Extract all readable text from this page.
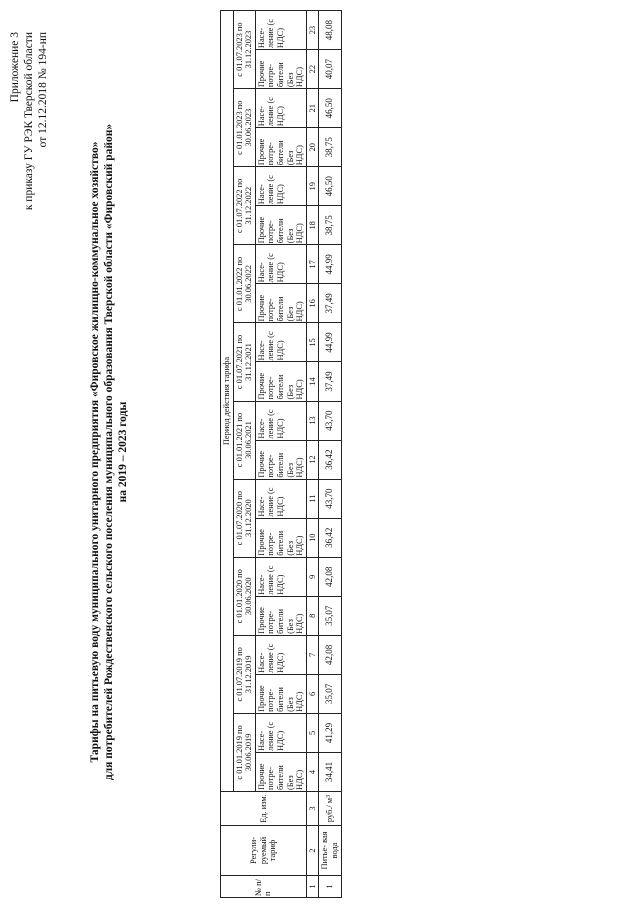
Приложение 3 к приказу ГУ РЭК Тверской области от 12.12.2018 № 194-нп
Тарифы на питьевую воду муниципального унитарного предприятия «Фировское жилищно-коммунальное хозяйство» для потребителей Рождественского сельского поселения муниципального образования Тверской области «Фировский район» на 2019 – 2023 годы
№ п/ п	Регули- руемый тариф	Ед. изм.	Период действия тарифа																			
			с 01.01.2019 по 30.06.2019		с 01.07.2019 по 31.12.2019		с 01.01.2020 по 30.06.2020		с 01.07.2020 по 31.12.2020		с 01.01.2021 по 30.06.2021		с 01.07.2021 по 31.12.2021		с 01.01.2022 по 30.06.2022		с 01.07.2022 по 31.12.2022		с 01.01.2023 по 30.06.2023		с 01.07.2023 по 31.12.2023	
			Прочие потре- бители (Без НДС)	Насе- ление (с НДС)	Прочие потре- бители (Без НДС)	Насе- ление (с НДС)	Прочие потре- бители (Без НДС)	Насе- ление (с НДС)	Прочие потре- бители (Без НДС)	Насе- ление (с НДС)	Прочие потре- бители (Без НДС)	Насе- ление (с НДС)	Прочие потре- бители (Без НДС)	Насе- ление (с НДС)	Прочие потре- бители (Без НДС)	Насе- ление (с НДС)	Прочие потре- бители (Без НДС)	Насе- ление (с НДС)	Прочие потре- бители (Без НДС)	Насе- ление (с НДС)	Прочие потре- бители (Без НДС)	Насе- ление (с НДС)
1	2	3	4	5	6	7	8	9	10	11	12	13	14	15	16	17	18	19	20	21	22	23
1	Питье- вая вода	руб./ $м^3$	34,41	41,29	35,07	42,08	35,07	42,08	36,42	43,70	36,42	43,70	37,49	44,99	37,49	44,99	38,75	46,50	38,75	46,50	40,07	48,08
